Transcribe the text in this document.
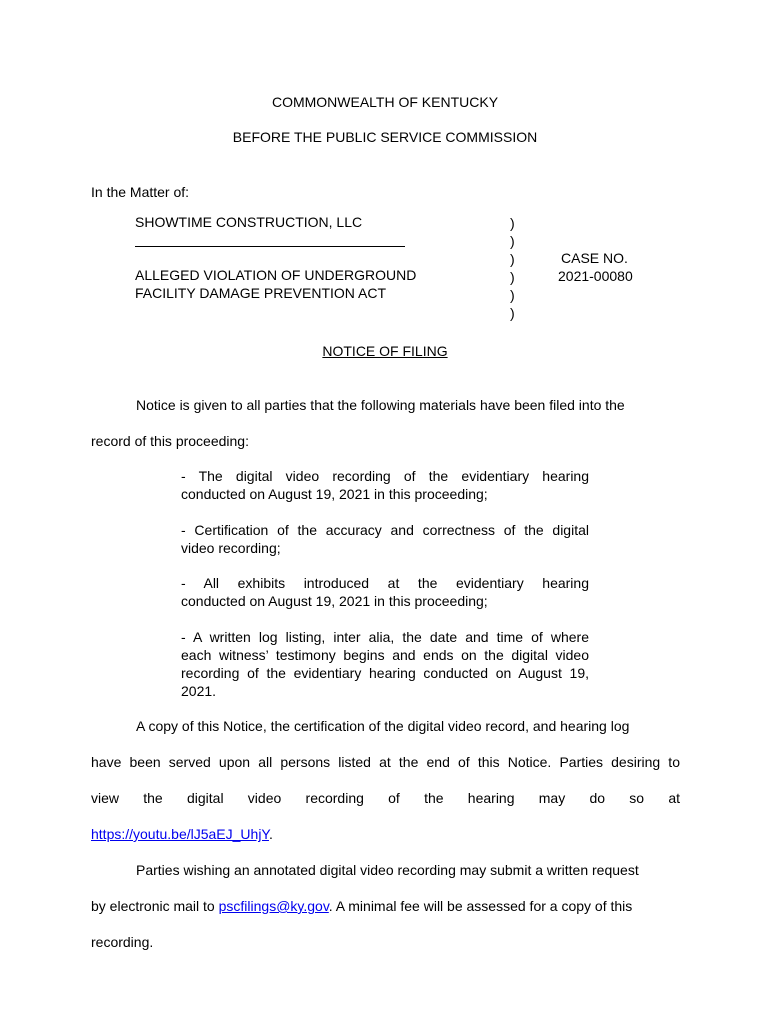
COMMONWEALTH OF KENTUCKY
BEFORE THE PUBLIC SERVICE COMMISSION
In the Matter of:
SHOWTIME CONSTRUCTION, LLC
ALLEGED VIOLATION OF UNDERGROUND
FACILITY DAMAGE PREVENTION ACT
)
)
)
)
)
)
CASE NO.
2021-00080
NOTICE OF FILING
Notice is given to all parties that the following materials have been filed into the
record of this proceeding:
- The digital video recording of the evidentiary hearing
conducted on August 19, 2021 in this proceeding;
- Certification of the accuracy and correctness of the digital
video recording;
- All exhibits introduced at the evidentiary hearing
conducted on August 19, 2021 in this proceeding;
- A written log listing, inter alia, the date and time of where
each witness’ testimony begins and ends on the digital video
recording of the evidentiary hearing conducted on August 19,
2021.
A copy of this Notice, the certification of the digital video record, and hearing log
have been served upon all persons listed at the end of this Notice. Parties desiring to
view the digital video recording of the hearing may do so at
https://youtu.be/lJ5aEJ_UhjY.
Parties wishing an annotated digital video recording may submit a written request
by electronic mail to pscfilings@ky.gov. A minimal fee will be assessed for a copy of this
recording.
